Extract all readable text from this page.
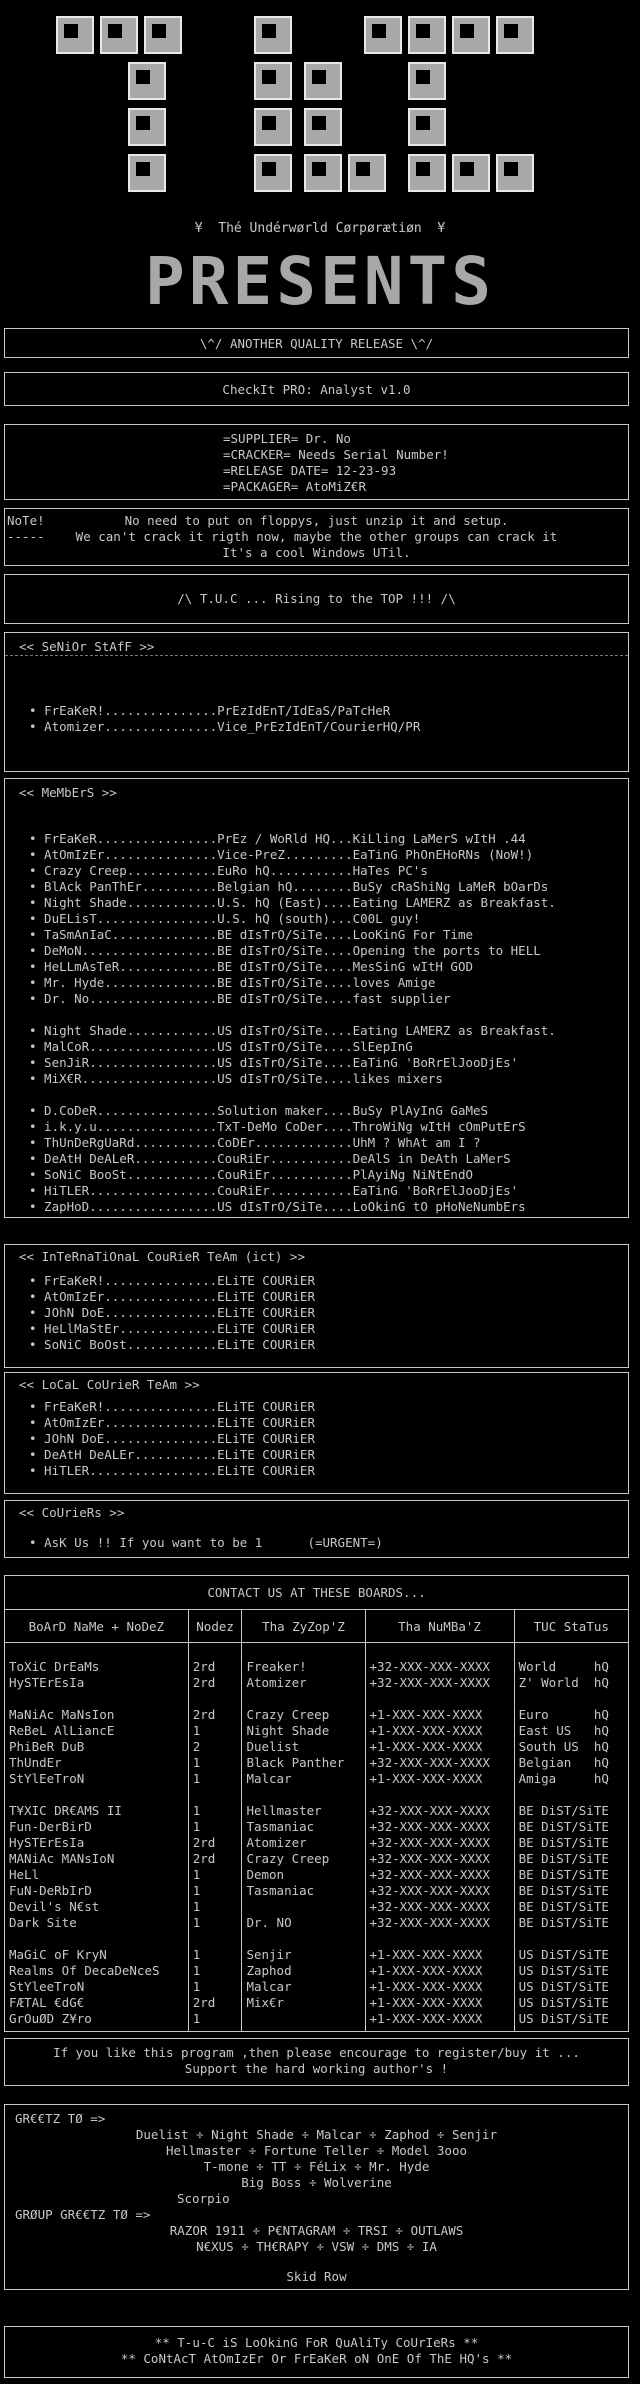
¥  Thé Undérwørld Cørpørætiøn  ¥
PRESENTS
\^/ ANOTHER QUALITY RELEASE \^/
CheckIt PRO: Analyst v1.0
=SUPPLIER= Dr. No
=CRACKER= Needs Serial Number!
=RELEASE DATE= 12-23-93
=PACKAGER= AtoMiZ€R
NoTe!
-----
No need to put on floppys, just unzip it and setup.
We can't crack it rigth now, maybe the other groups can crack it
It's a cool Windows UTil.
/\ T.U.C ... Rising to the TOP !!! /\
<< SeNiOr StAfF >>
• FrEaKeR!...............PrEzIdEnT/IdEaS/PaTcHeR
• Atomizer...............Vice_PrEzIdEnT/CourierHQ/PR
<< MeMbErS >>
• FrEaKeR................PrEz / WoRld HQ...KiLling LaMerS wItH .44
• AtOmIzEr...............Vice-PreZ.........EaTinG PhOnEHoRNs (NoW!)
• Crazy Creep............EuRo hQ...........HaTes PC's
• BlAck PanThEr..........Belgian hQ........BuSy cRaShiNg LaMeR bOarDs
• Night Shade............U.S. hQ (East)....Eating LAMERZ as Breakfast.
• DuELisT................U.S. hQ (south)...C00L guy!
• TaSmAnIaC..............BE dIsTrO/SiTe....LooKinG For Time
• DeMoN..................BE dIsTrO/SiTe....Opening the ports to HELL
• HeLLmAsTeR.............BE dIsTrO/SiTe....MesSinG wItH GOD
• Mr. Hyde...............BE dIsTrO/SiTe....loves Amige
• Dr. No.................BE dIsTrO/SiTe....fast supplier
• Night Shade............US dIsTrO/SiTe....Eating LAMERZ as Breakfast.
• MalCoR.................US dIsTrO/SiTe....SlEepInG
• SenJiR.................US dIsTrO/SiTe....EaTinG 'BoRrElJooDjEs'
• MiX€R..................US dIsTrO/SiTe....likes mixers
• D.CoDeR................Solution maker....BuSy PlAyInG GaMeS
• i.k.y.u................TxT-DeMo CoDer....ThroWiNg wItH cOmPutErS
• ThUnDeRgUaRd...........CoDEr.............UhM ? WhAt am I ?
• DeAtH DeALeR...........CouRiEr...........DeAlS in DeAth LaMerS
• SoNiC BooSt............CouRiEr...........PlAyiNg NiNtEndO
• HiTLER.................CouRiEr...........EaTinG 'BoRrElJooDjEs'
• ZapHoD.................US dIsTrO/SiTe....LoOkinG tO pHoNeNumbErs
<< InTeRnaTiOnaL CouRieR TeAm (ict) >>
• FrEaKeR!...............ELiTE COURiER
• AtOmIzEr...............ELiTE COURiER
• JOhN DoE...............ELiTE COURiER
• HeLlMaStEr.............ELiTE COURiER
• SoNiC BoOst............ELiTE COURiER
<< LoCaL CoUrieR TeAm >>
• FrEaKeR!...............ELiTE COURiER
• AtOmIzEr...............ELiTE COURiER
• JOhN DoE...............ELiTE COURiER
• DeAtH DeALEr...........ELiTE COURiER
• HiTLER.................ELiTE COURiER
<< CoUrieRs >>
• AsK Us !! If you want to be 1      (=URGENT=)
CONTACT US AT THESE BOARDS...
BoArD NaMe + NoDeZ	Nodez	Tha ZyZop'Z	Tha NuMBa'Z	TUC StaTus

ToXiC DrEaMs	2rd	Freaker!	+32-XXX-XXX-XXXX	World     hQ
HySTErEsIa	2rd	Atomizer	+32-XXX-XXX-XXXX	Z' World  hQ

MaNiAc MaNsIon	2rd	Crazy Creep	+1-XXX-XXX-XXXX	Euro      hQ
ReBeL AlLiancE	1	Night Shade	+1-XXX-XXX-XXXX	East US   hQ
PhiBeR DuB	2	Duelist	+1-XXX-XXX-XXXX	South US  hQ
ThUndEr	1	Black Panther	+32-XXX-XXX-XXXX	Belgian   hQ
StYlEeTroN	1	Malcar	+1-XXX-XXX-XXXX	Amiga     hQ

T¥XIC DR€AMS II	1	Hellmaster	+32-XXX-XXX-XXXX	BE DiST/SiTE
Fun-DerBirD	1	Tasmaniac	+32-XXX-XXX-XXXX	BE DiST/SiTE
HySTErEsIa	2rd	Atomizer	+32-XXX-XXX-XXXX	BE DiST/SiTE
MANiAc MANsIoN	2rd	Crazy Creep	+32-XXX-XXX-XXXX	BE DiST/SiTE
HeLl	1	Demon	+32-XXX-XXX-XXXX	BE DiST/SiTE
FuN-DeRbIrD	1	Tasmaniac	+32-XXX-XXX-XXXX	BE DiST/SiTE
Devil's N€st	1		+32-XXX-XXX-XXXX	BE DiST/SiTE
Dark Site	1	Dr. NO	+32-XXX-XXX-XXXX	BE DiST/SiTE

MaGiC oF KryN	1	Senjir	+1-XXX-XXX-XXXX	US DiST/SiTE
Realms Of DecaDeNceS	1	Zaphod	+1-XXX-XXX-XXXX	US DiST/SiTE
StYleeTroN	1	Malcar	+1-XXX-XXX-XXXX	US DiST/SiTE
FÆTAL €dG€	2rd	Mix€r	+1-XXX-XXX-XXXX	US DiST/SiTE
GrOuØD Z¥ro	1		+1-XXX-XXX-XXXX	US DiST/SiTE

If you like this program ,then please encourage to register/buy it ...
Support the hard working author's !
GR€€TZ TØ =>
Duelist ÷ Night Shade ÷ Malcar ÷ Zaphod ÷ Senjir
Hellmaster ÷ Fortune Teller ÷ Model 3ooo
T-mone ÷ TT ÷ FéLix ÷ Mr. Hyde
Big Boss ÷ Wolverine
Scorpio
GRØUP GR€€TZ TØ =>
RAZOR 1911 ÷ P€NTAGRAM ÷ TRSI ÷ OUTLAWS
N€XUS ÷ TH€RAPY ÷ VSW ÷ DMS ÷ IA
Skid Row
** T-u-C iS LoOkinG FoR QuAliTy CoUrIeRs **
** CoNtAcT AtOmIzEr Or FrEaKeR oN OnE Of ThE HQ's **
